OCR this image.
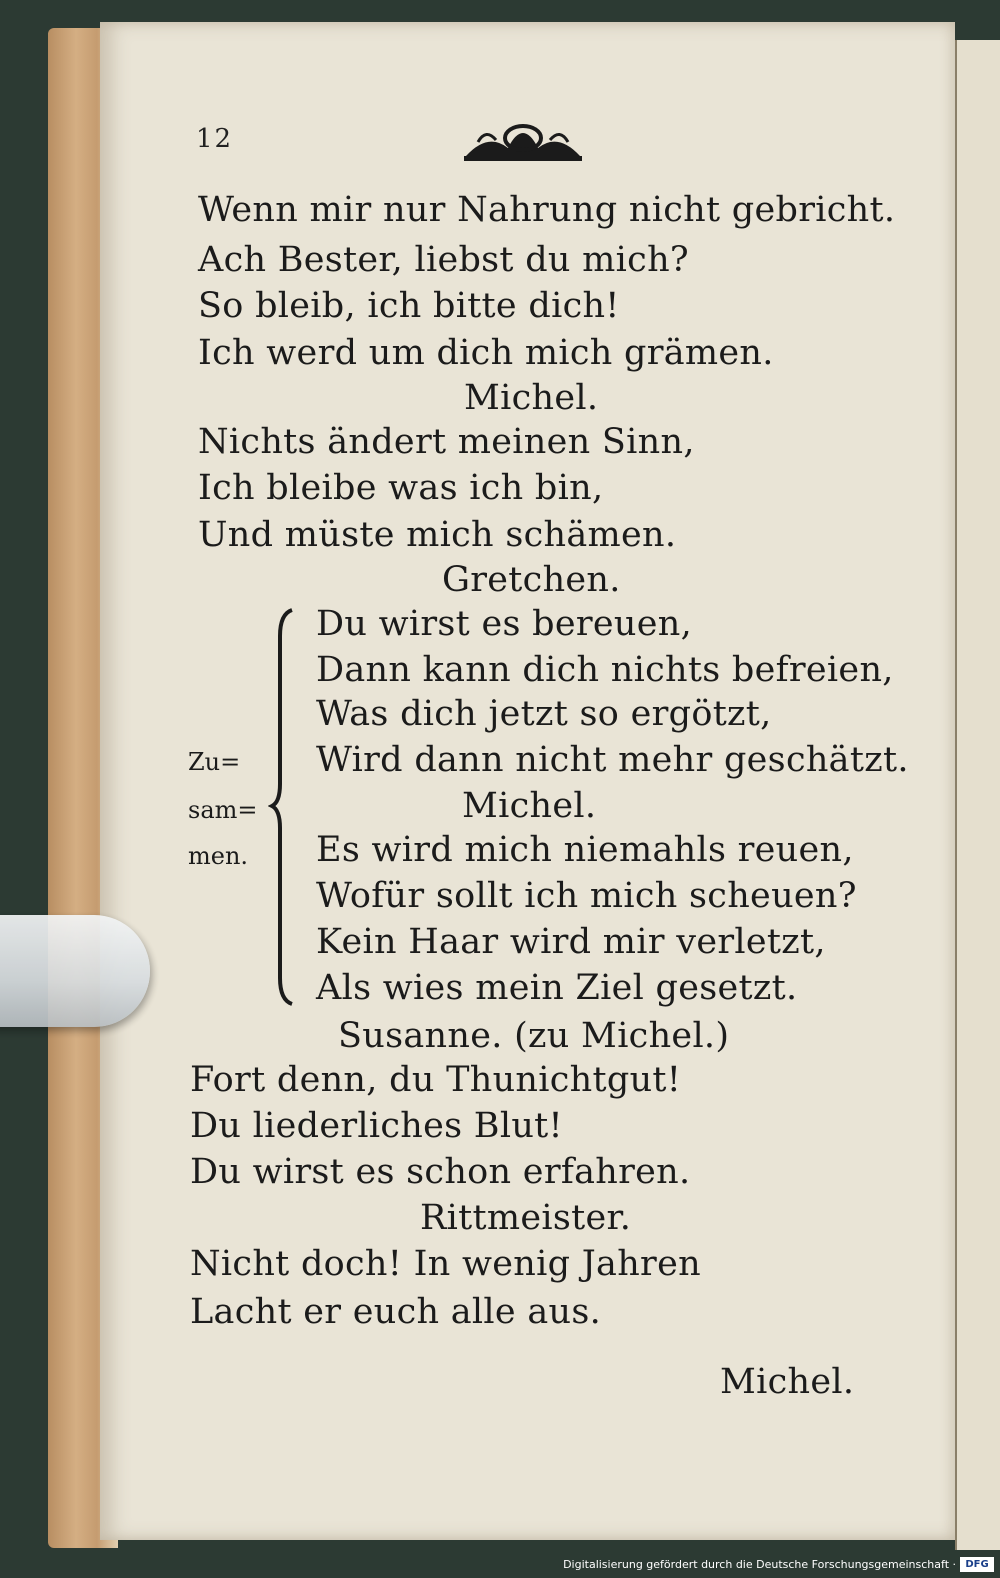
12
Wenn mir nur Nahrung nicht gebricht.
Ach Bester, liebst du mich?
So bleib, ich bitte dich!
Ich werd um dich mich grämen.
Michel.
Nichts ändert meinen Sinn,
Ich bleibe was ich bin,
Und müste mich schämen.
Gretchen.
Du wirst es bereuen,
Dann kann dich nichts befreien,
Was dich jetzt so ergötzt,
Wird dann nicht mehr geschätzt.
Michel.
Es wird mich niemahls reuen,
Wofür sollt ich mich scheuen?
Kein Haar wird mir verletzt,
Als wies mein Ziel gesetzt.
Zu=
sam=
men.
Susanne. (zu Michel.)
Fort denn, du Thunichtgut!
Du liederliches Blut!
Du wirst es schon erfahren.
Rittmeister.
Nicht doch! In wenig Jahren
Lacht er euch alle aus.
Michel.
Digitalisierung gefördert durch die Deutsche Forschungsgemeinschaft · DFG
